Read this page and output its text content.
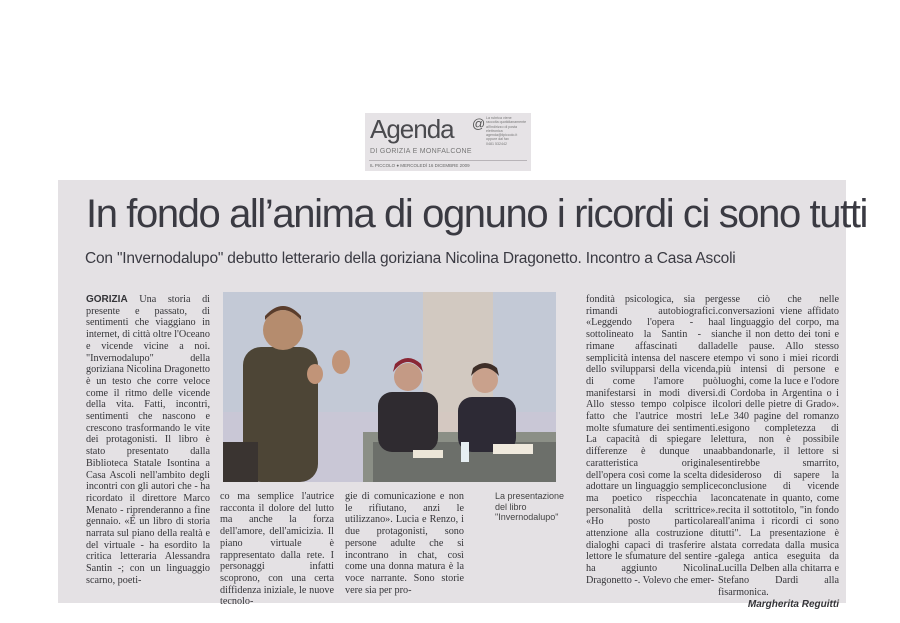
Agenda
DI GORIZIA E MONFALCONE
@ La rubrica viene
raccolta quotidianamente
all'indirizzo di posta
elettronica
agenda@ilpiccolo.it
oppure dal fax
0481 532442
IL PICCOLO ● MERCOLEDÌ 16 DICEMBRE 2009
In fondo all’anima di ognuno i ricordi ci sono tutti
Con "Invernodalupo" debutto letterario della goriziana Nicolina Dragonetto. Incontro a Casa Ascoli
GORIZIA Una storia di presente e passato, di sentimenti che viaggiano in internet, di città oltre l'Oceano e vicende vicine a noi. "Invernodalupo" della goriziana Nicolina Dragonetto è un testo che corre veloce come il ritmo delle vicende della vita. Fatti, incontri, sentimenti che nascono e crescono trasformando le vite dei protagonisti. Il libro è stato presentato dalla Biblioteca Statale Isontina a Casa Ascoli nell'ambito degli incontri con gli autori che - ha ricordato il direttore Marco Menato - riprenderanno a fine gennaio. «È un libro di storia narrata sul piano della realtà e del virtuale - ha esordito la critica letteraria Alessandra Santin -; con un linguaggio scarno, poeti-
co ma semplice l'autrice racconta il dolore del lutto ma anche la forza dell'amore, dell'amicizia. Il piano virtuale è rappresentato dalla rete. I personaggi infatti scoprono, con una certa diffidenza iniziale, le nuove tecnolo-
gie di comunicazione e non le rifiutano, anzi le utilizzano». Lucia e Renzo, i due protagonisti, sono persone adulte che si incontrano in chat, così come una donna matura è la voce narrante. Sono storie vere sia per pro-
La presentazione del libro "Invernodalupo"
fondità psicologica, sia per rimandi autobiografici. «Leggendo l'opera - ha sottolineato la Santin - si rimane affascinati dalla semplicità intensa del nascere e dello svilupparsi della vicenda, di come l'amore può manifestarsi in modi diversi. Allo stesso tempo colpisce il fatto che l'autrice mostri le molte sfumature dei sentimenti. La capacità di spiegare le differenze è dunque una caratteristica originale dell'opera così come la scelta di adottare un linguaggio semplice ma poetico rispecchia la personalità della scrittrice». «Ho posto particolare attenzione alla costruzione di dialoghi capaci di trasferire al lettore le sfumature del sentire - ha aggiunto Nicolina Dragonetto -. Volevo che emer-
gesse ciò che nelle conversazioni viene affidato al linguaggio del corpo, ma anche il non detto dei toni e delle pause. Allo stesso tempo vi sono i miei ricordi più intensi di persone e luoghi, come la luce e l'odore di Cordoba in Argentina o i colori delle pietre di Grado». Le 340 pagine del romanzo esigono completezza di lettura, non è possibile abbandonarle, il lettore si sentirebbe smarrito, desideroso di sapere la conclusione di vicende concatenate in quanto, come recita il sottotitolo, "in fondo all'anima i ricordi ci sono tutti". La presentazione è stata corredata dalla musica galega antica eseguita da Lucilla Delben alla chitarra e Stefano Dardi alla fisarmonica.
Margherita Reguitti
